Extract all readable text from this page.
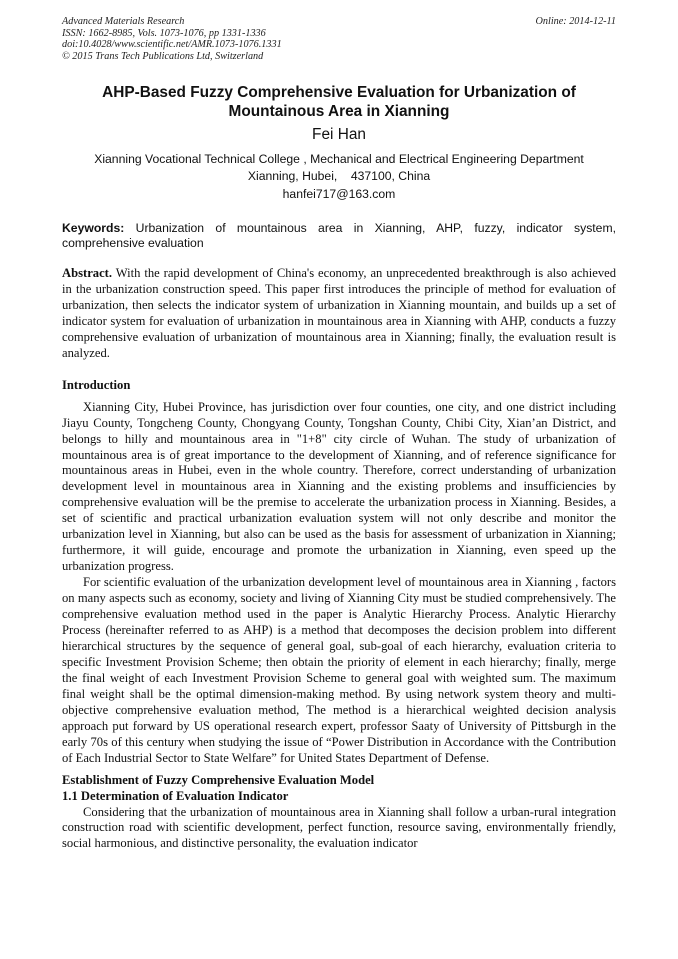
Advanced Materials Research
ISSN: 1662-8985, Vols. 1073-1076, pp 1331-1336
doi:10.4028/www.scientific.net/AMR.1073-1076.1331
© 2015 Trans Tech Publications Ltd, Switzerland
Online: 2014-12-11
AHP-Based Fuzzy Comprehensive Evaluation for Urbanization of
Mountainous Area in Xianning
Fei Han
Xianning Vocational Technical College , Mechanical and Electrical Engineering Department
Xianning, Hubei,    437100, China
hanfei717@163.com
Keywords: Urbanization of mountainous area in Xianning, AHP, fuzzy, indicator system, comprehensive evaluation

Abstract. With the rapid development of China's economy, an unprecedented breakthrough is also achieved in the urbanization construction speed. This paper first introduces the principle of method for evaluation of urbanization, then selects the indicator system of urbanization in Xianning mountain, and builds up a set of indicator system for evaluation of urbanization in mountainous area in Xianning with AHP, conducts a fuzzy comprehensive evaluation of urbanization of mountainous area in Xianning; finally, the evaluation result is analyzed.

Introduction

Xianning City, Hubei Province, has jurisdiction over four counties, one city, and one district including Jiayu County, Tongcheng County, Chongyang County, Tongshan County, Chibi City, Xian’an District, and belongs to hilly and mountainous area in "1+8" city circle of Wuhan. The study of urbanization of mountainous area is of great importance to the development of Xianning, and of reference significance for mountainous areas in Hubei, even in the whole country. Therefore, correct understanding of urbanization development level in mountainous area in Xianning and the existing problems and insufficiencies by comprehensive evaluation will be the premise to accelerate the urbanization process in Xianning. Besides, a set of scientific and practical urbanization evaluation system will not only describe and monitor the urbanization level in Xianning, but also can be used as the basis for assessment of urbanization in Xianning; furthermore, it will guide, encourage and promote the urbanization in Xianning, even speed up the urbanization progress.

For scientific evaluation of the urbanization development level of mountainous area in Xianning , factors on many aspects such as economy, society and living of Xianning City must be studied comprehensively. The comprehensive evaluation method used in the paper is Analytic Hierarchy Process. Analytic Hierarchy Process (hereinafter referred to as AHP) is a method that decomposes the decision problem into different hierarchical structures by the sequence of general goal, sub-goal of each hierarchy, evaluation criteria to specific Investment Provision Scheme; then obtain the priority of element in each hierarchy; finally, merge the final weight of each Investment Provision Scheme to general goal with weighted sum. The maximum final weight shall be the optimal dimension-making method. By using network system theory and multi-objective comprehensive evaluation method, The method is a hierarchical weighted decision analysis approach put forward by US operational research expert, professor Saaty of University of Pittsburgh in the early 70s of this century when studying the issue of “Power Distribution in Accordance with the Contribution of Each Industrial Sector to State Welfare” for United States Department of Defense.

Establishment of Fuzzy Comprehensive Evaluation Model
1.1 Determination of Evaluation Indicator

Considering that the urbanization of mountainous area in Xianning shall follow a urban-rural integration construction road with scientific development, perfect function, resource saving, environmentally friendly, social harmonious, and distinctive personality, the evaluation indicator
